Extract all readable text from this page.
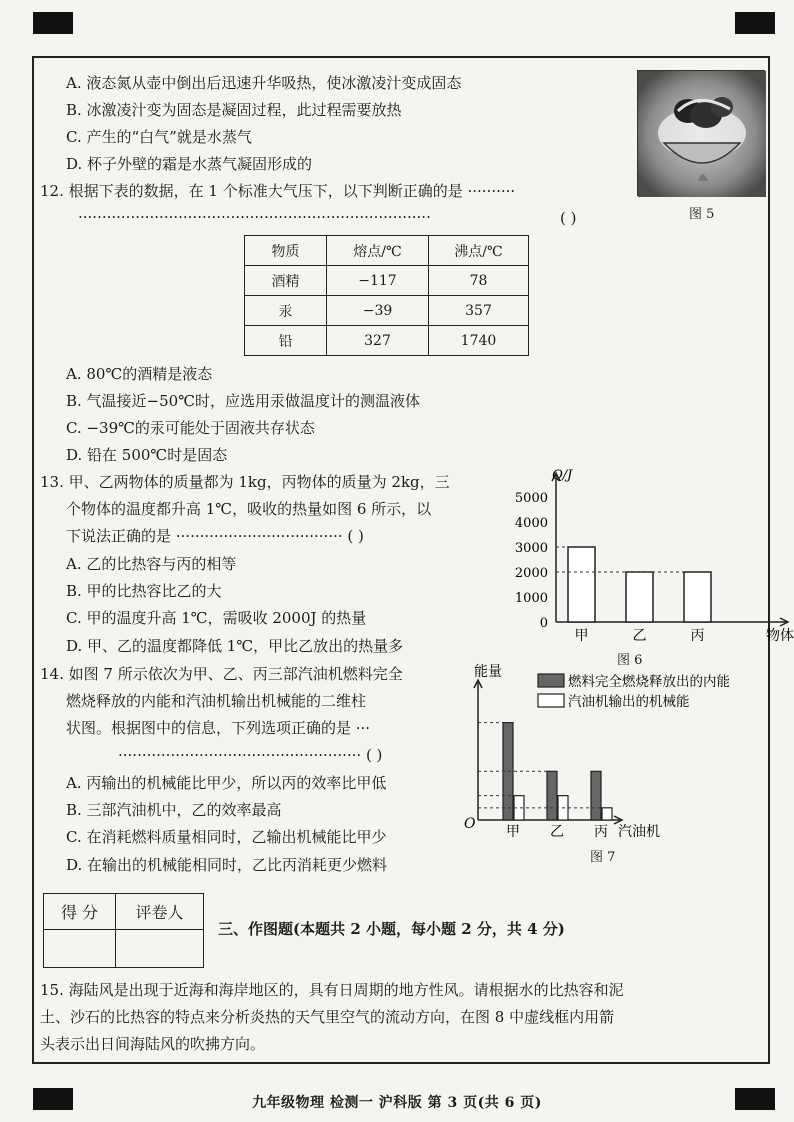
A. 液态氮从壶中倒出后迅速升华吸热，使冰激凌汁变成固态
B. 冰激凌汁变为固态是凝固过程，此过程需要放热
C. 产生的“白气”就是水蒸气
D. 杯子外壁的霜是水蒸气凝固形成的
图 5
12. 根据下表的数据，在 1 个标准大气压下，以下判断正确的是 ··········
··········································································	( )
物质	熔点/℃	沸点/℃
酒精	−117	78
汞	−39	357
铅	327	1740
A. 80℃的酒精是液态
B. 气温接近−50℃时，应选用汞做温度计的测温液体
C. −39℃的汞可能处于固液共存状态
D. 铅在 500℃时是固态
13. 甲、乙两物体的质量都为 1kg，丙物体的质量为 2kg，三
个物体的温度都升高 1℃，吸收的热量如图 6 所示，以
下说法正确的是 ··································· ( )
A. 乙的比热容与丙的相等
B. 甲的比热容比乙的大
C. 甲的温度升高 1℃，需吸收 2000J 的热量
D. 甲、乙的温度都降低 1℃，甲比乙放出的热量多
Q/J
物体
0
1000
2000
3000
4000
5000
甲	乙	丙
图 6
14. 如图 7 所示依次为甲、乙、丙三部汽油机燃料完全
燃烧释放的内能和汽油机输出机械能的二维柱
状图。根据图中的信息，下列选项正确的是 ···
··················································· ( )
A. 丙输出的机械能比甲少，所以丙的效率比甲低
B. 三部汽油机中，乙的效率最高
C. 在消耗燃料质量相同时，乙输出机械能比甲少
D. 在输出的机械能相同时，乙比丙消耗更少燃料
能量
汽油机
O 甲 乙 丙
燃料完全燃烧释放出的内能
汽油机输出的机械能
图 7
得 分	评卷人

三、作图题(本题共 2 小题，每小题 2 分，共 4 分)
15. 海陆风是出现于近海和海岸地区的，具有日周期的地方性风。请根据水的比热容和泥
土、沙石的比热容的特点来分析炎热的天气里空气的流动方向，在图 8 中虚线框内用箭
头表示出日间海陆风的吹拂方向。
九年级物理 检测一 沪科版 第 3 页(共 6 页)
